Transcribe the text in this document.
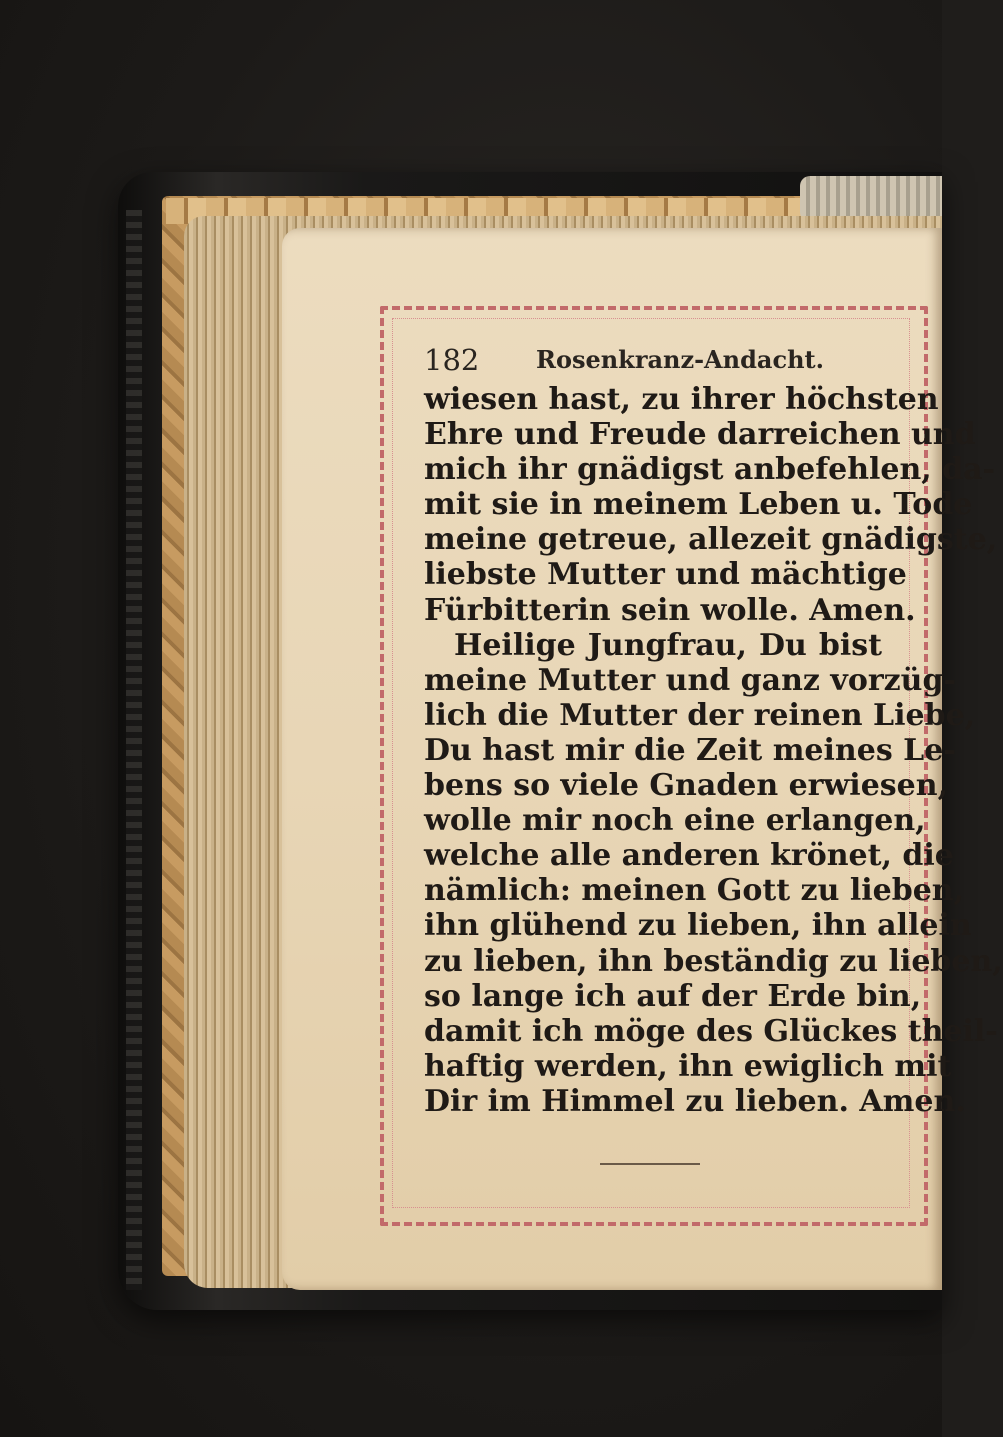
182 Rosenkranz-Andacht.
wiesen hast, zu ihrer höchsten
Ehre und Freude darreichen und
mich ihr gnädigst anbefehlen, da-
mit sie in meinem Leben u. Tode
meine getreue, allezeit gnädigste,
liebste Mutter und mächtige
Fürbitterin sein wolle. Amen.
Heilige Jungfrau, Du bist
meine Mutter und ganz vorzüg-
lich die Mutter der reinen Liebe,
Du hast mir die Zeit meines Le-
bens so viele Gnaden erwiesen,
wolle mir noch eine erlangen,
welche alle anderen krönet, die
nämlich: meinen Gott zu lieben,
ihn glühend zu lieben, ihn allein
zu lieben, ihn beständig zu lieben,
so lange ich auf der Erde bin,
damit ich möge des Glückes theil-
haftig werden, ihn ewiglich mit
Dir im Himmel zu lieben. Amen.
